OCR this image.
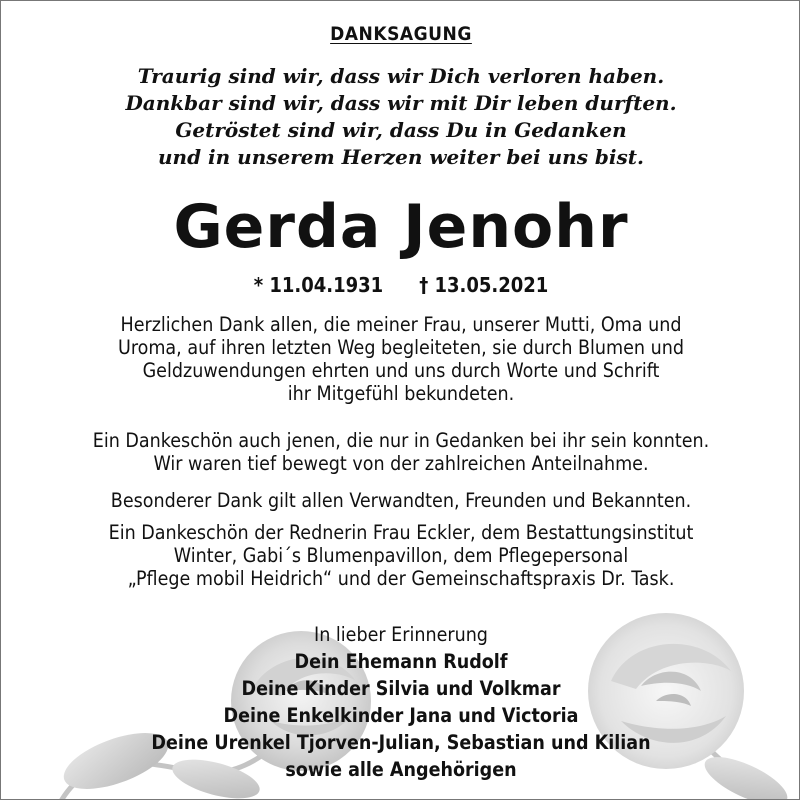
DANKSAGUNG
Traurig sind wir, dass wir Dich verloren haben.
Dankbar sind wir, dass wir mit Dir leben durften.
Getröstet sind wir, dass Du in Gedanken
und in unserem Herzen weiter bei uns bist.
Gerda Jenohr
* 11.04.1931 † 13.05.2021
Herzlichen Dank allen, die meiner Frau, unserer Mutti, Oma und
Uroma, auf ihren letzten Weg begleiteten, sie durch Blumen und
Geldzuwendungen ehrten und uns durch Worte und Schrift
ihr Mitgefühl bekundeten.
Ein Dankeschön auch jenen, die nur in Gedanken bei ihr sein konnten.
Wir waren tief bewegt von der zahlreichen Anteilnahme.
Besonderer Dank gilt allen Verwandten, Freunden und Bekannten.
Ein Dankeschön der Rednerin Frau Eckler, dem Bestattungsinstitut
Winter, Gabi´s Blumenpavillon, dem Pflegepersonal
„Pflege mobil Heidrich“ und der Gemeinschaftspraxis Dr. Task.
In lieber Erinnerung
Dein Ehemann Rudolf
Deine Kinder Silvia und Volkmar
Deine Enkelkinder Jana und Victoria
Deine Urenkel Tjorven-Julian, Sebastian und Kilian
sowie alle Angehörigen
